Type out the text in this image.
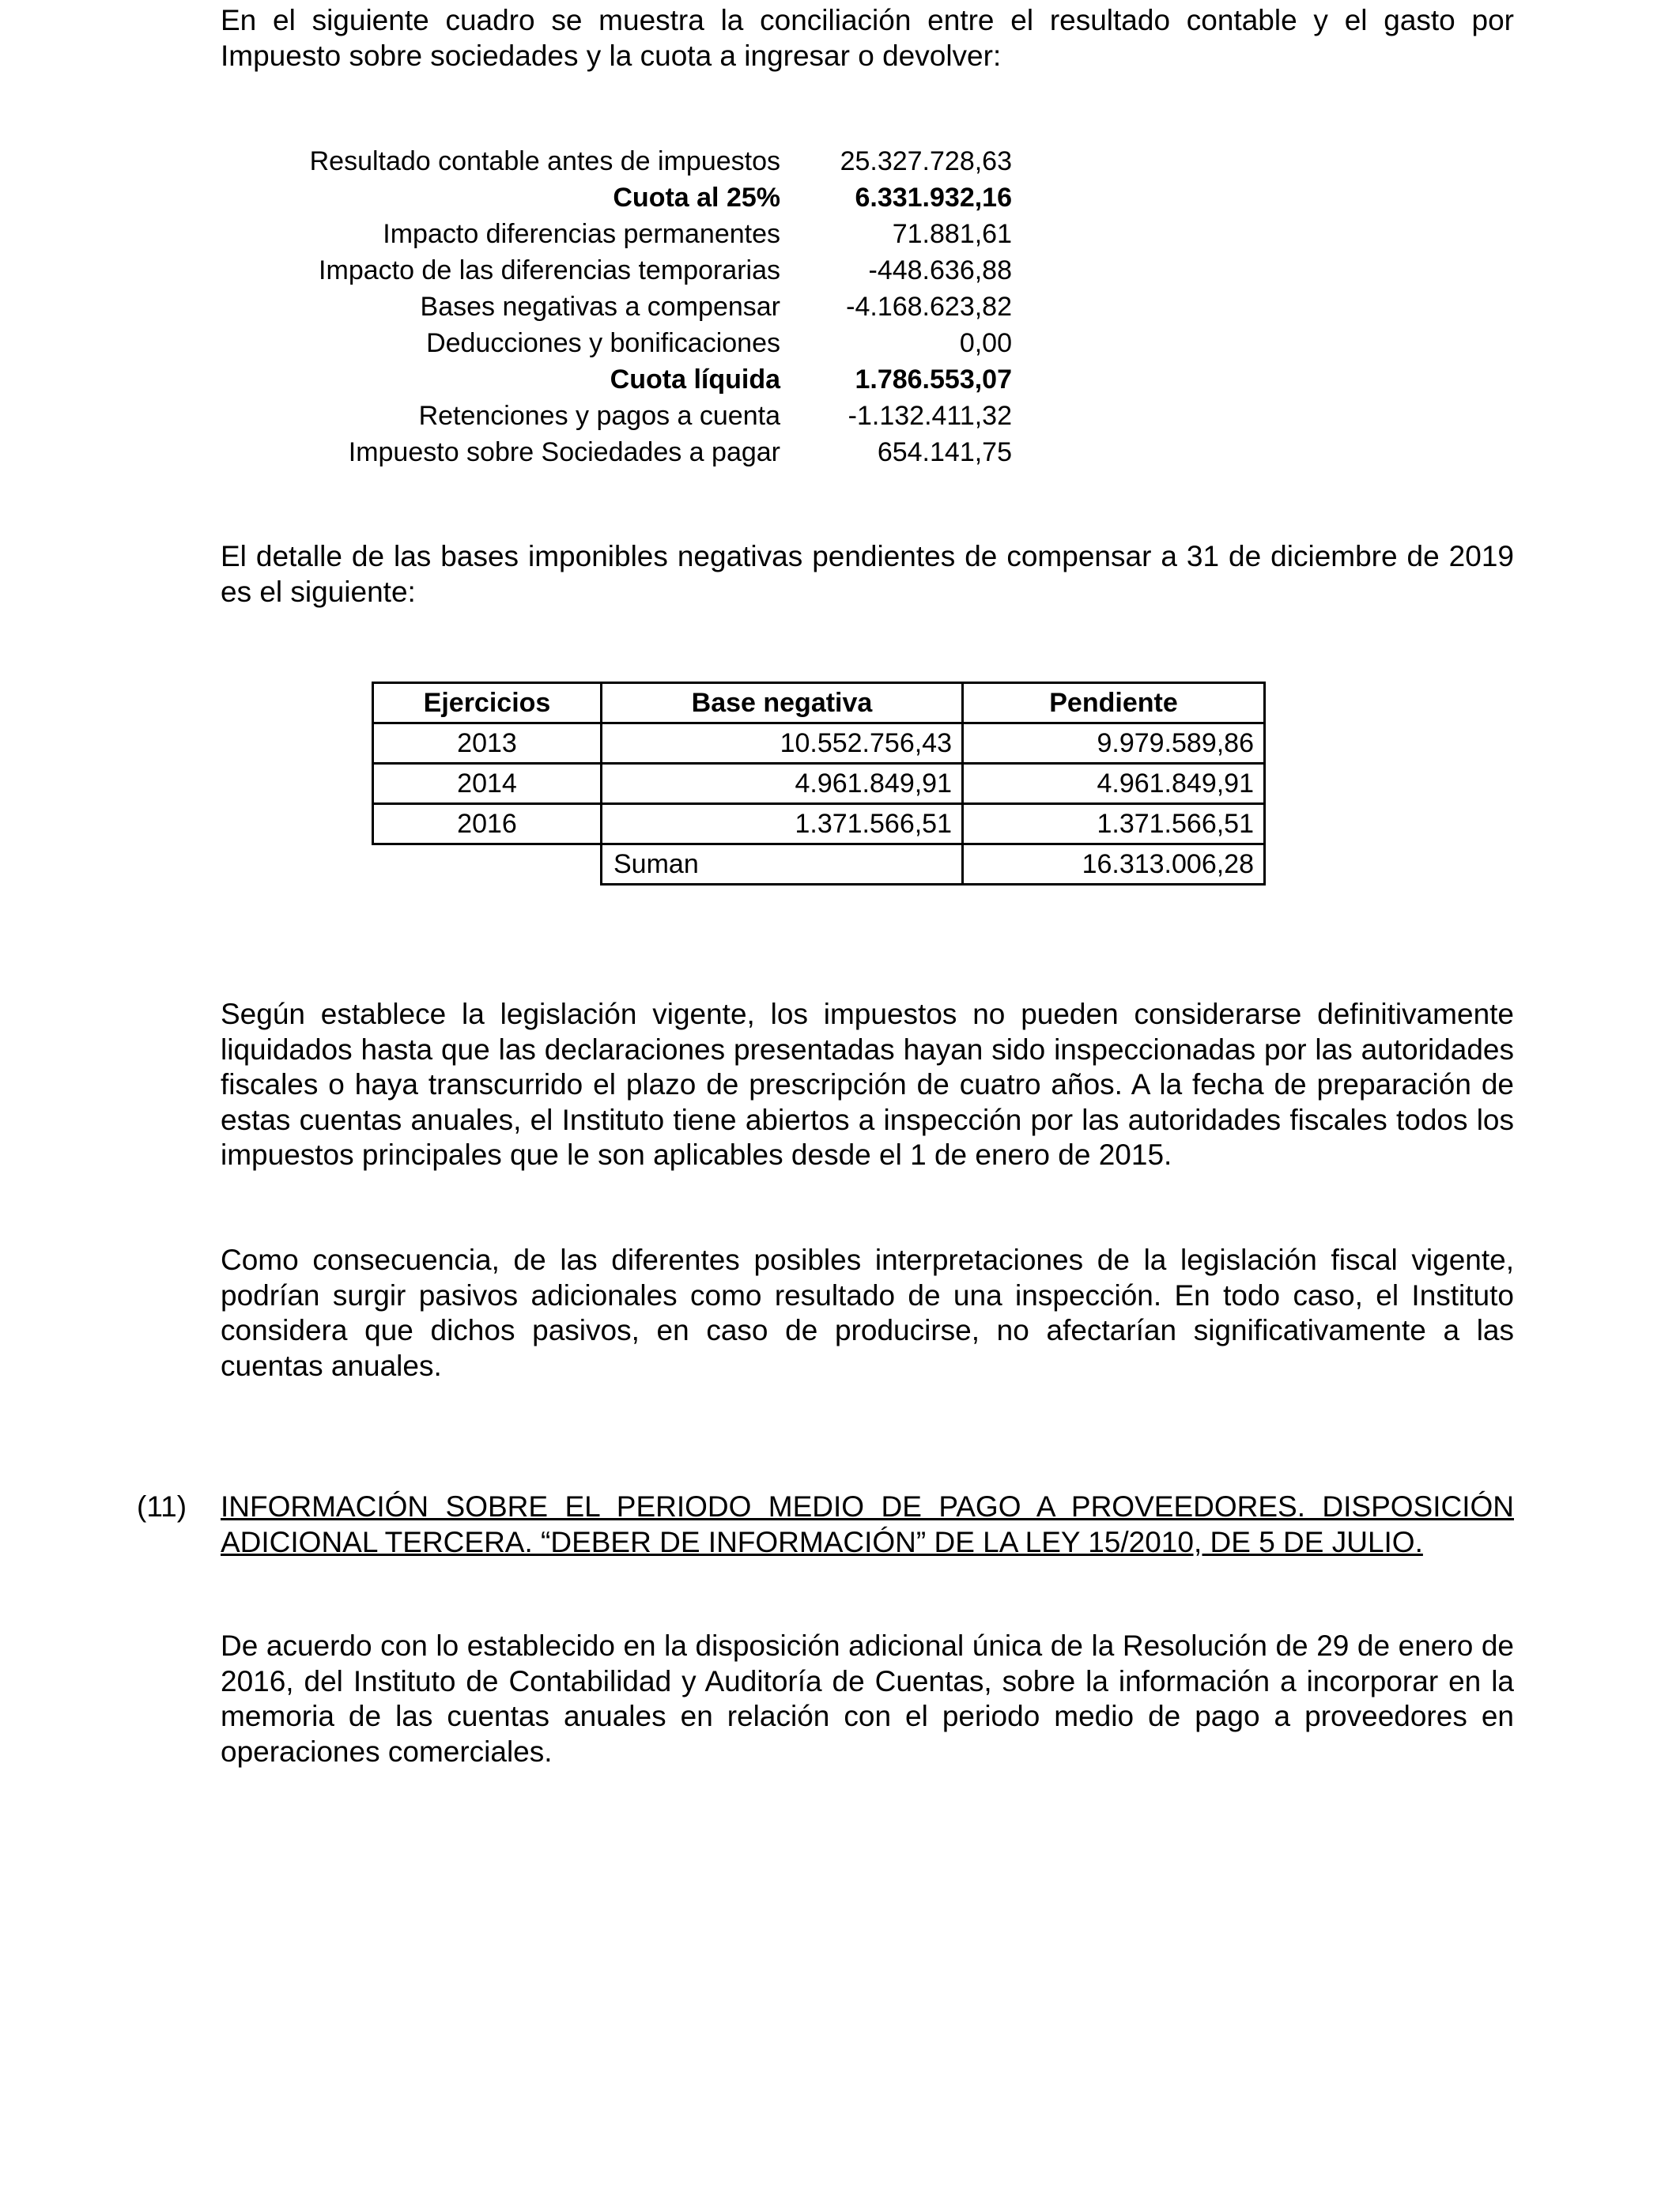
En el siguiente cuadro se muestra la conciliación entre el resultado contable y el gasto por Impuesto sobre sociedades y la cuota a ingresar o devolver:

Resultado contable antes de impuestos 25.327.728,63
Cuota al 25%	6.331.932,16
Impacto diferencias permanentes	71.881,61
Impacto de las diferencias temporarias	-448.636,88
Bases negativas a compensar -4.168.623,82
Deducciones y bonificaciones	0,00
Cuota líquida	1.786.553,07
Retenciones y pagos a cuenta	-1.132.411,32
Impuesto sobre Sociedades a pagar	654.141,75

El detalle de las bases imponibles negativas pendientes de compensar a 31 de diciembre de 2019 es el siguiente:

Ejercicios	Base negativa	Pendiente
2013	10.552.756,43	9.979.589,86
2014	4.961.849,91	4.961.849,91
2016	1.371.566,51	1.371.566,51
	Suman	16.313.006,28

Según establece la legislación vigente, los impuestos no pueden considerarse definitivamente liquidados hasta que las declaraciones presentadas hayan sido inspeccionadas por las autoridades fiscales o haya transcurrido el plazo de prescripción de cuatro años. A la fecha de preparación de estas cuentas anuales, el Instituto tiene abiertos a inspección por las autoridades fiscales todos los impuestos principales que le son aplicables desde el 1 de enero de 2015.

Como consecuencia, de las diferentes posibles interpretaciones de la legislación fiscal vigente, podrían surgir pasivos adicionales como resultado de una inspección. En todo caso, el Instituto considera que dichos pasivos, en caso de producirse, no afectarían significativamente a las cuentas anuales.

(11) INFORMACIÓN SOBRE EL PERIODO MEDIO DE PAGO A PROVEEDORES. DISPOSICIÓN ADICIONAL TERCERA. “DEBER DE INFORMACIÓN” DE LA LEY 15/2010, DE 5 DE JULIO.

De acuerdo con lo establecido en la disposición adicional única de la Resolución de 29 de enero de 2016, del Instituto de Contabilidad y Auditoría de Cuentas, sobre la información a incorporar en la memoria de las cuentas anuales en relación con el periodo medio de pago a proveedores en operaciones comerciales.
